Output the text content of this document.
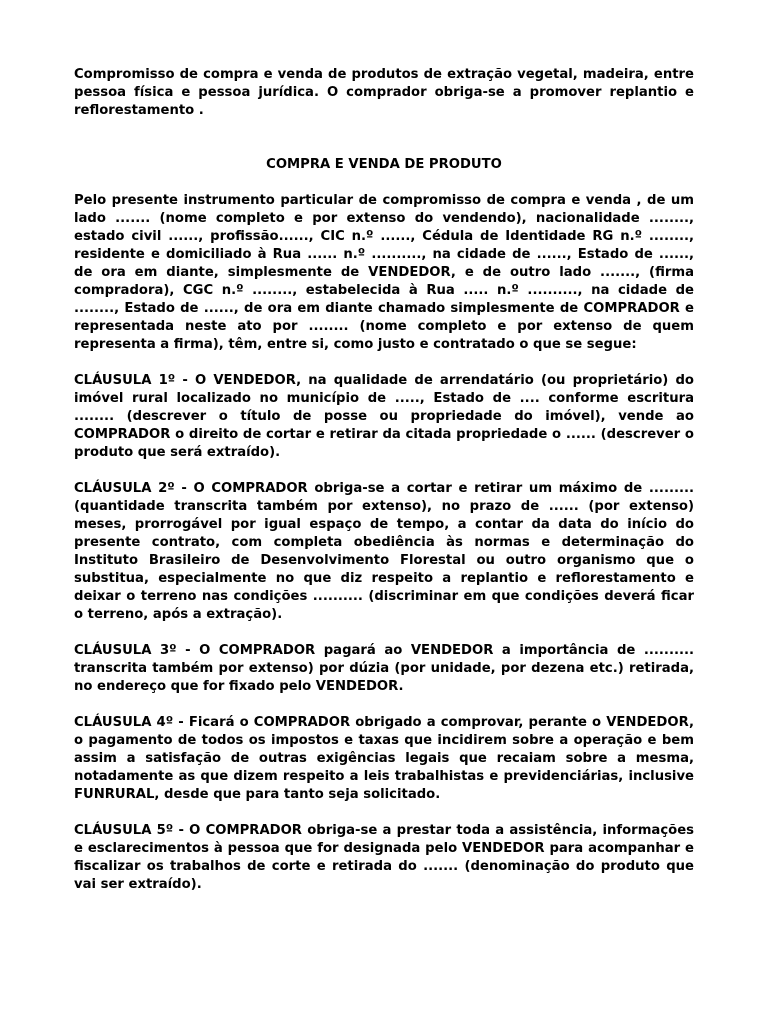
Compromisso de compra e venda de produtos de extração vegetal, madeira, entre pessoa física e pessoa jurídica. O comprador obriga-se a promover replantio e reflorestamento .

COMPRA E VENDA DE PRODUTO

Pelo presente instrumento particular de compromisso de compra e venda , de um lado ....... (nome completo e por extenso do vendendo), nacionalidade ........, estado civil ......, profissão......, CIC n.º ......, Cédula de Identidade RG n.º ........, residente e domiciliado à Rua ...... n.º .........., na cidade de ......, Estado de ......, de ora em diante, simplesmente de VENDEDOR, e de outro lado ......., (firma compradora), CGC n.º ........, estabelecida à Rua ..... n.º .........., na cidade de ........, Estado de ......, de ora em diante chamado simplesmente de COMPRADOR e representada neste ato por ........ (nome completo e por extenso de quem representa a firma), têm, entre si, como justo e contratado o que se segue:

CLÁUSULA 1º - O VENDEDOR, na qualidade de arrendatário (ou proprietário) do imóvel rural localizado no município de ....., Estado de .... conforme escritura ........ (descrever o título de posse ou propriedade do imóvel), vende ao COMPRADOR o direito de cortar e retirar da citada propriedade o ...... (descrever o produto que será extraído).

CLÁUSULA 2º - O COMPRADOR obriga-se a cortar e retirar um máximo de ......... (quantidade transcrita também por extenso), no prazo de ...... (por extenso) meses, prorrogável por igual espaço de tempo, a contar da data do início do presente contrato, com completa obediência às normas e determinação do Instituto Brasileiro de Desenvolvimento Florestal ou outro organismo que o substitua, especialmente no que diz respeito a replantio e reflorestamento e deixar o terreno nas condições .......... (discriminar em que condições deverá ficar o terreno, após a extração).

CLÁUSULA 3º - O COMPRADOR pagará ao VENDEDOR a importância de .......... transcrita também por extenso) por dúzia (por unidade, por dezena etc.) retirada, no endereço que for fixado pelo VENDEDOR.

CLÁUSULA 4º - Ficará o COMPRADOR obrigado a comprovar, perante o VENDEDOR, o pagamento de todos os impostos e taxas que incidirem sobre a operação e bem assim a satisfação de outras exigências legais que recaiam sobre a mesma, notadamente as que dizem respeito a leis trabalhistas e previdenciárias, inclusive FUNRURAL, desde que para tanto seja solicitado.

CLÁUSULA 5º - O COMPRADOR obriga-se a prestar toda a assistência, informações e esclarecimentos à pessoa que for designada pelo VENDEDOR para acompanhar e fiscalizar os trabalhos de corte e retirada do ....... (denominação do produto que vai ser extraído).
